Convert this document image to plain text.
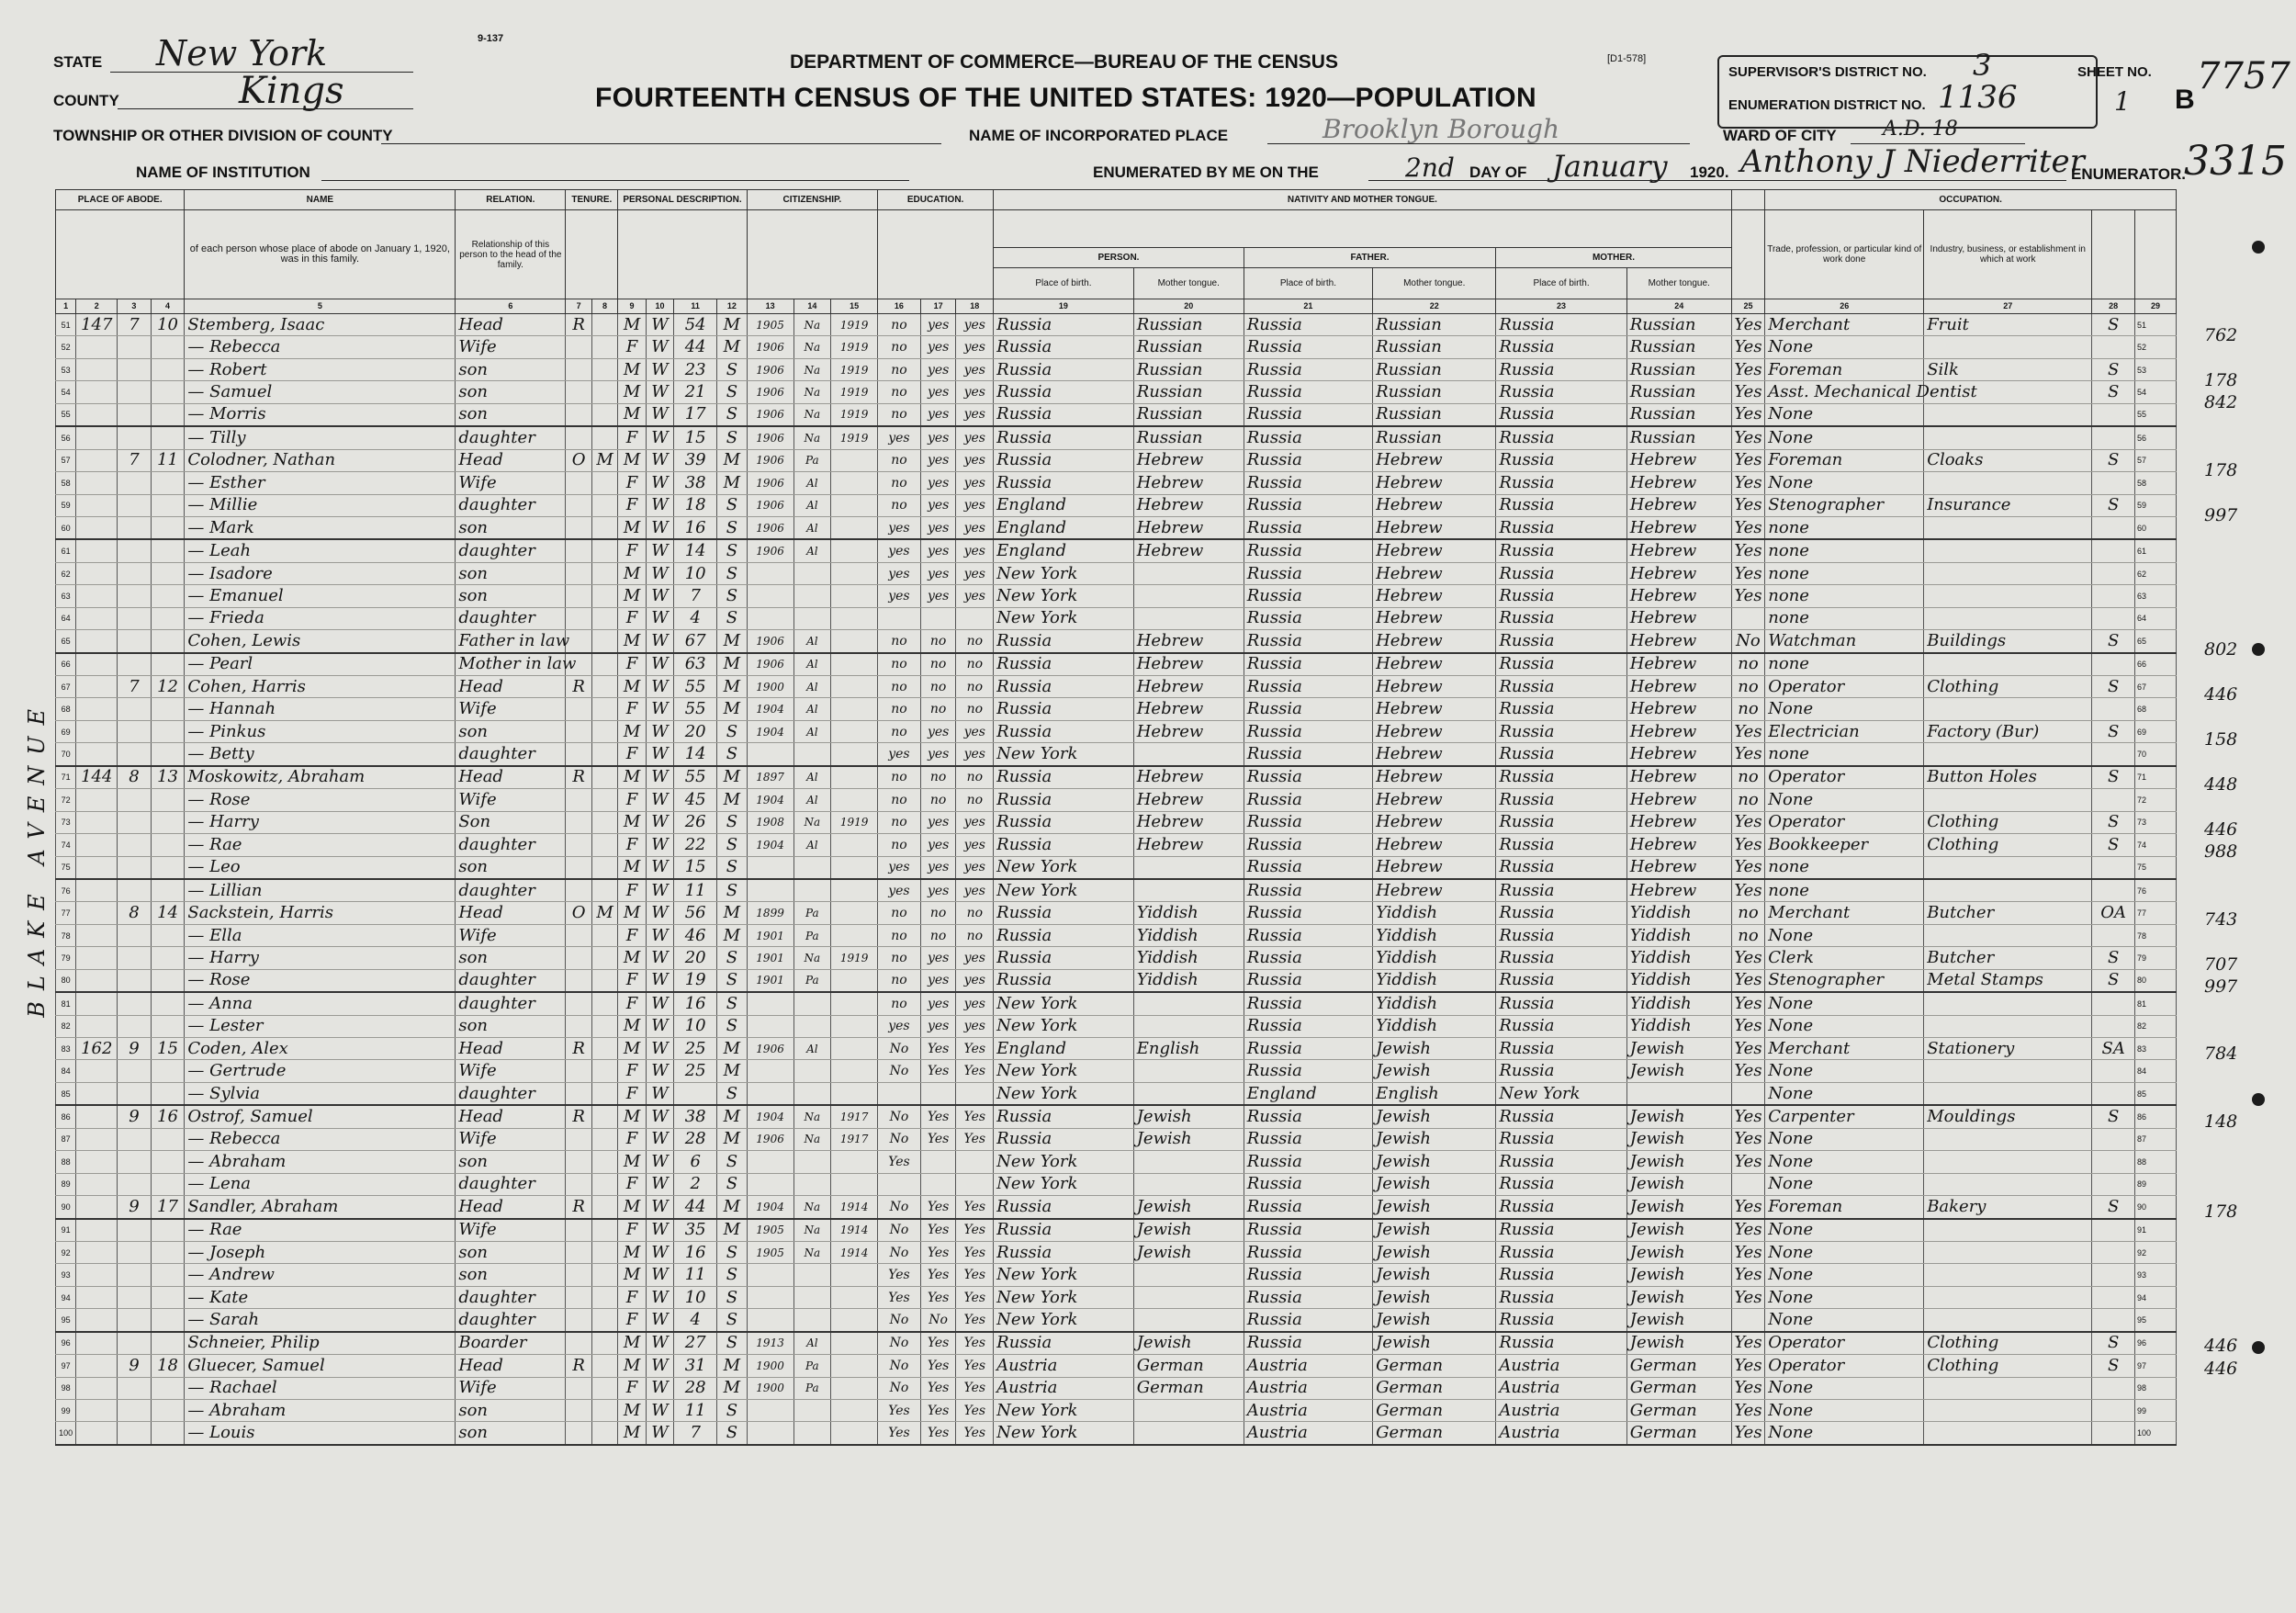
STATE New York
COUNTY	Kings
TOWNSHIP OR OTHER DIVISION OF COUNTY
NAME OF INSTITUTION
9-137
DEPARTMENT OF COMMERCE—BUREAU OF THE CENSUS
FOURTEENTH CENSUS OF THE UNITED STATES: 1920—POPULATION
[D1-578]
NAME OF INCORPORATED PLACE	Brooklyn Borough	WARD OF CITY A.D. 18
SUPERVISOR'S DISTRICT NO. 3
ENUMERATION DISTRICT NO. 1136
SHEET NO.
1 B
7757
3315
ENUMERATED BY ME ON THE	2nd DAY OF January 1920. Anthony J Niederriter
ENUMERATOR.
PLACE OF ABODE.				NAME	RELATION.	TENURE.		PERSONAL DESCRIPTION.				CITIZENSHIP.			EDUCATION.			NATIVITY AND MOTHER TONGUE.							OCCUPATION.			
				of each person whose place of abode on January 1, 1920, was in this family.	Relationship of this person to the head of the family.																				Trade, profession, or particular kind of work done	Industry, business, or establishment in which at work		
																		PERSON.		FATHER.		MOTHER.						
																		Place of birth.	Mother tongue.	Place of birth.	Mother tongue.	Place of birth.	Mother tongue.					
1	2	3	4	5	6	7	8	9	10	11	12	13	14	15	16	17	18	19	20	21	22	23	24	25	26	27	28	29
51	147	7	10	Stemberg, Isaac	Head	R		M	W	54	M	1905	Na	1919	no	yes	yes	Russia	Russian	Russia	Russian	Russia	Russian	Yes	Merchant	Fruit	S	51
52				— Rebecca	Wife			F	W	44	M	1906	Na	1919	no	yes	yes	Russia	Russian	Russia	Russian	Russia	Russian	Yes	None			52
53				— Robert	son			M	W	23	S	1906	Na	1919	no	yes	yes	Russia	Russian	Russia	Russian	Russia	Russian	Yes	Foreman	Silk	S	53
54				— Samuel	son			M	W	21	S	1906	Na	1919	no	yes	yes	Russia	Russian	Russia	Russian	Russia	Russian	Yes	Asst. Mechanical Dentist		S	54
55				— Morris	son			M	W	17	S	1906	Na	1919	no	yes	yes	Russia	Russian	Russia	Russian	Russia	Russian	Yes	None			55
56				— Tilly	daughter			F	W	15	S	1906	Na	1919	yes	yes	yes	Russia	Russian	Russia	Russian	Russia	Russian	Yes	None			56
57		7	11	Colodner, Nathan	Head	O	M	M	W	39	M	1906	Pa		no	yes	yes	Russia	Hebrew	Russia	Hebrew	Russia	Hebrew	Yes	Foreman	Cloaks	S	57
58				— Esther	Wife			F	W	38	M	1906	Al		no	yes	yes	Russia	Hebrew	Russia	Hebrew	Russia	Hebrew	Yes	None			58
59				— Millie	daughter			F	W	18	S	1906	Al		no	yes	yes	England	Hebrew	Russia	Hebrew	Russia	Hebrew	Yes	Stenographer	Insurance	S	59
60				— Mark	son			M	W	16	S	1906	Al		yes	yes	yes	England	Hebrew	Russia	Hebrew	Russia	Hebrew	Yes	none			60
61				— Leah	daughter			F	W	14	S	1906	Al		yes	yes	yes	England	Hebrew	Russia	Hebrew	Russia	Hebrew	Yes	none			61
62				— Isadore	son			M	W	10	S				yes	yes	yes	New York		Russia	Hebrew	Russia	Hebrew	Yes	none			62
63				— Emanuel	son			M	W	7	S				yes	yes	yes	New York		Russia	Hebrew	Russia	Hebrew	Yes	none			63
64				— Frieda	daughter			F	W	4	S							New York		Russia	Hebrew	Russia	Hebrew		none			64
65				Cohen, Lewis	Father in law			M	W	67	M	1906	Al		no	no	no	Russia	Hebrew	Russia	Hebrew	Russia	Hebrew	No	Watchman	Buildings	S	65
66				— Pearl	Mother in law			F	W	63	M	1906	Al		no	no	no	Russia	Hebrew	Russia	Hebrew	Russia	Hebrew	no	none			66
67		7	12	Cohen, Harris	Head	R		M	W	55	M	1900	Al		no	no	no	Russia	Hebrew	Russia	Hebrew	Russia	Hebrew	no	Operator	Clothing	S	67
68				— Hannah	Wife			F	W	55	M	1904	Al		no	no	no	Russia	Hebrew	Russia	Hebrew	Russia	Hebrew	no	None			68
69				— Pinkus	son			M	W	20	S	1904	Al		no	yes	yes	Russia	Hebrew	Russia	Hebrew	Russia	Hebrew	Yes	Electrician	Factory (Bur)	S	69
70				— Betty	daughter			F	W	14	S				yes	yes	yes	New York		Russia	Hebrew	Russia	Hebrew	Yes	none			70
71	144	8	13	Moskowitz, Abraham	Head	R		M	W	55	M	1897	Al		no	no	no	Russia	Hebrew	Russia	Hebrew	Russia	Hebrew	no	Operator	Button Holes	S	71
72				— Rose	Wife			F	W	45	M	1904	Al		no	no	no	Russia	Hebrew	Russia	Hebrew	Russia	Hebrew	no	None			72
73				— Harry	Son			M	W	26	S	1908	Na	1919	no	yes	yes	Russia	Hebrew	Russia	Hebrew	Russia	Hebrew	Yes	Operator	Clothing	S	73
74				— Rae	daughter			F	W	22	S	1904	Al		no	yes	yes	Russia	Hebrew	Russia	Hebrew	Russia	Hebrew	Yes	Bookkeeper	Clothing	S	74
75				— Leo	son			M	W	15	S				yes	yes	yes	New York		Russia	Hebrew	Russia	Hebrew	Yes	none			75
76				— Lillian	daughter			F	W	11	S				yes	yes	yes	New York		Russia	Hebrew	Russia	Hebrew	Yes	none			76
77		8	14	Sackstein, Harris	Head	O	M	M	W	56	M	1899	Pa		no	no	no	Russia	Yiddish	Russia	Yiddish	Russia	Yiddish	no	Merchant	Butcher	OA	77
78				— Ella	Wife			F	W	46	M	1901	Pa		no	no	no	Russia	Yiddish	Russia	Yiddish	Russia	Yiddish	no	None			78
79				— Harry	son			M	W	20	S	1901	Na	1919	no	yes	yes	Russia	Yiddish	Russia	Yiddish	Russia	Yiddish	Yes	Clerk	Butcher	S	79
80				— Rose	daughter			F	W	19	S	1901	Pa		no	yes	yes	Russia	Yiddish	Russia	Yiddish	Russia	Yiddish	Yes	Stenographer	Metal Stamps	S	80
81				— Anna	daughter			F	W	16	S				no	yes	yes	New York		Russia	Yiddish	Russia	Yiddish	Yes	None			81
82				— Lester	son			M	W	10	S				yes	yes	yes	New York		Russia	Yiddish	Russia	Yiddish	Yes	None			82
83	162	9	15	Coden, Alex	Head	R		M	W	25	M	1906	Al		No	Yes	Yes	England	English	Russia	Jewish	Russia	Jewish	Yes	Merchant	Stationery	SA	83
84				— Gertrude	Wife			F	W	25	M				No	Yes	Yes	New York		Russia	Jewish	Russia	Jewish	Yes	None			84
85				— Sylvia	daughter			F	W		S							New York		England	English	New York			None			85
86		9	16	Ostrof, Samuel	Head	R		M	W	38	M	1904	Na	1917	No	Yes	Yes	Russia	Jewish	Russia	Jewish	Russia	Jewish	Yes	Carpenter	Mouldings	S	86
87				— Rebecca	Wife			F	W	28	M	1906	Na	1917	No	Yes	Yes	Russia	Jewish	Russia	Jewish	Russia	Jewish	Yes	None			87
88				— Abraham	son			M	W	6	S				Yes			New York		Russia	Jewish	Russia	Jewish	Yes	None			88
89				— Lena	daughter			F	W	2	S							New York		Russia	Jewish	Russia	Jewish		None			89
90		9	17	Sandler, Abraham	Head	R		M	W	44	M	1904	Na	1914	No	Yes	Yes	Russia	Jewish	Russia	Jewish	Russia	Jewish	Yes	Foreman	Bakery	S	90
91				— Rae	Wife			F	W	35	M	1905	Na	1914	No	Yes	Yes	Russia	Jewish	Russia	Jewish	Russia	Jewish	Yes	None			91
92				— Joseph	son			M	W	16	S	1905	Na	1914	No	Yes	Yes	Russia	Jewish	Russia	Jewish	Russia	Jewish	Yes	None			92
93				— Andrew	son			M	W	11	S				Yes	Yes	Yes	New York		Russia	Jewish	Russia	Jewish	Yes	None			93
94				— Kate	daughter			F	W	10	S				Yes	Yes	Yes	New York		Russia	Jewish	Russia	Jewish	Yes	None			94
95				— Sarah	daughter			F	W	4	S				No	No	Yes	New York		Russia	Jewish	Russia	Jewish		None			95
96				Schneier, Philip	Boarder			M	W	27	S	1913	Al		No	Yes	Yes	Russia	Jewish	Russia	Jewish	Russia	Jewish	Yes	Operator	Clothing	S	96
97		9	18	Gluecer, Samuel	Head	R		M	W	31	M	1900	Pa		No	Yes	Yes	Austria	German	Austria	German	Austria	German	Yes	Operator	Clothing	S	97
98				— Rachael	Wife			F	W	28	M	1900	Pa		No	Yes	Yes	Austria	German	Austria	German	Austria	German	Yes	None			98
99				— Abraham	son			M	W	11	S				Yes	Yes	Yes	New York		Austria	German	Austria	German	Yes	None			99
100				— Louis	son			M	W	7	S				Yes	Yes	Yes	New York		Austria	German	Austria	German	Yes	None			100
BLAKE AVENUE
762
178
842
178
997
802
446
158
448
446
988
743
707
997
784
148
178
446
446
